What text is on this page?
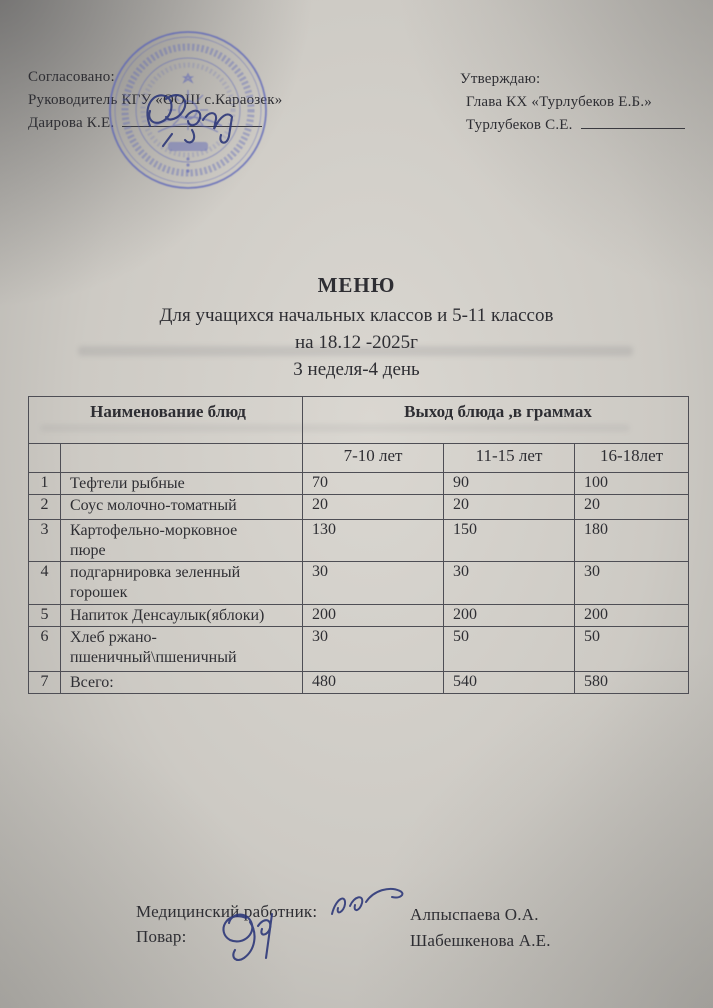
Согласовано:
Руководитель КГУ «ООШ с.Караозек»
Даирова К.Е.
Утверждаю:
Глава КХ «Турлубеков Е.Б.»
Турлубеков С.Е.
МЕНЮ
Для учащихся начальных классов и 5-11 классов
на 18.12 -2025г
3 неделя-4 день
Наименование блюд		Выход блюда ,в граммах		
		7-10 лет	11-15 лет	16-18лет
1	Тефтели рыбные	70	90	100
2	Соус молочно-томатный	20	20	20
3	Картофельно-морковное пюре	130	150	180
4	подгарнировка зеленный горошек	30	30	30
5	Напиток Денсаулык(яблоки)	200	200	200
6	Хлеб ржано-пшеничный\пшеничный	30	50	50
7	Всего:	480	540	580
Медицинский работник:	Алпыспаева О.А.
Повар:	Шабешкенова А.Е.
